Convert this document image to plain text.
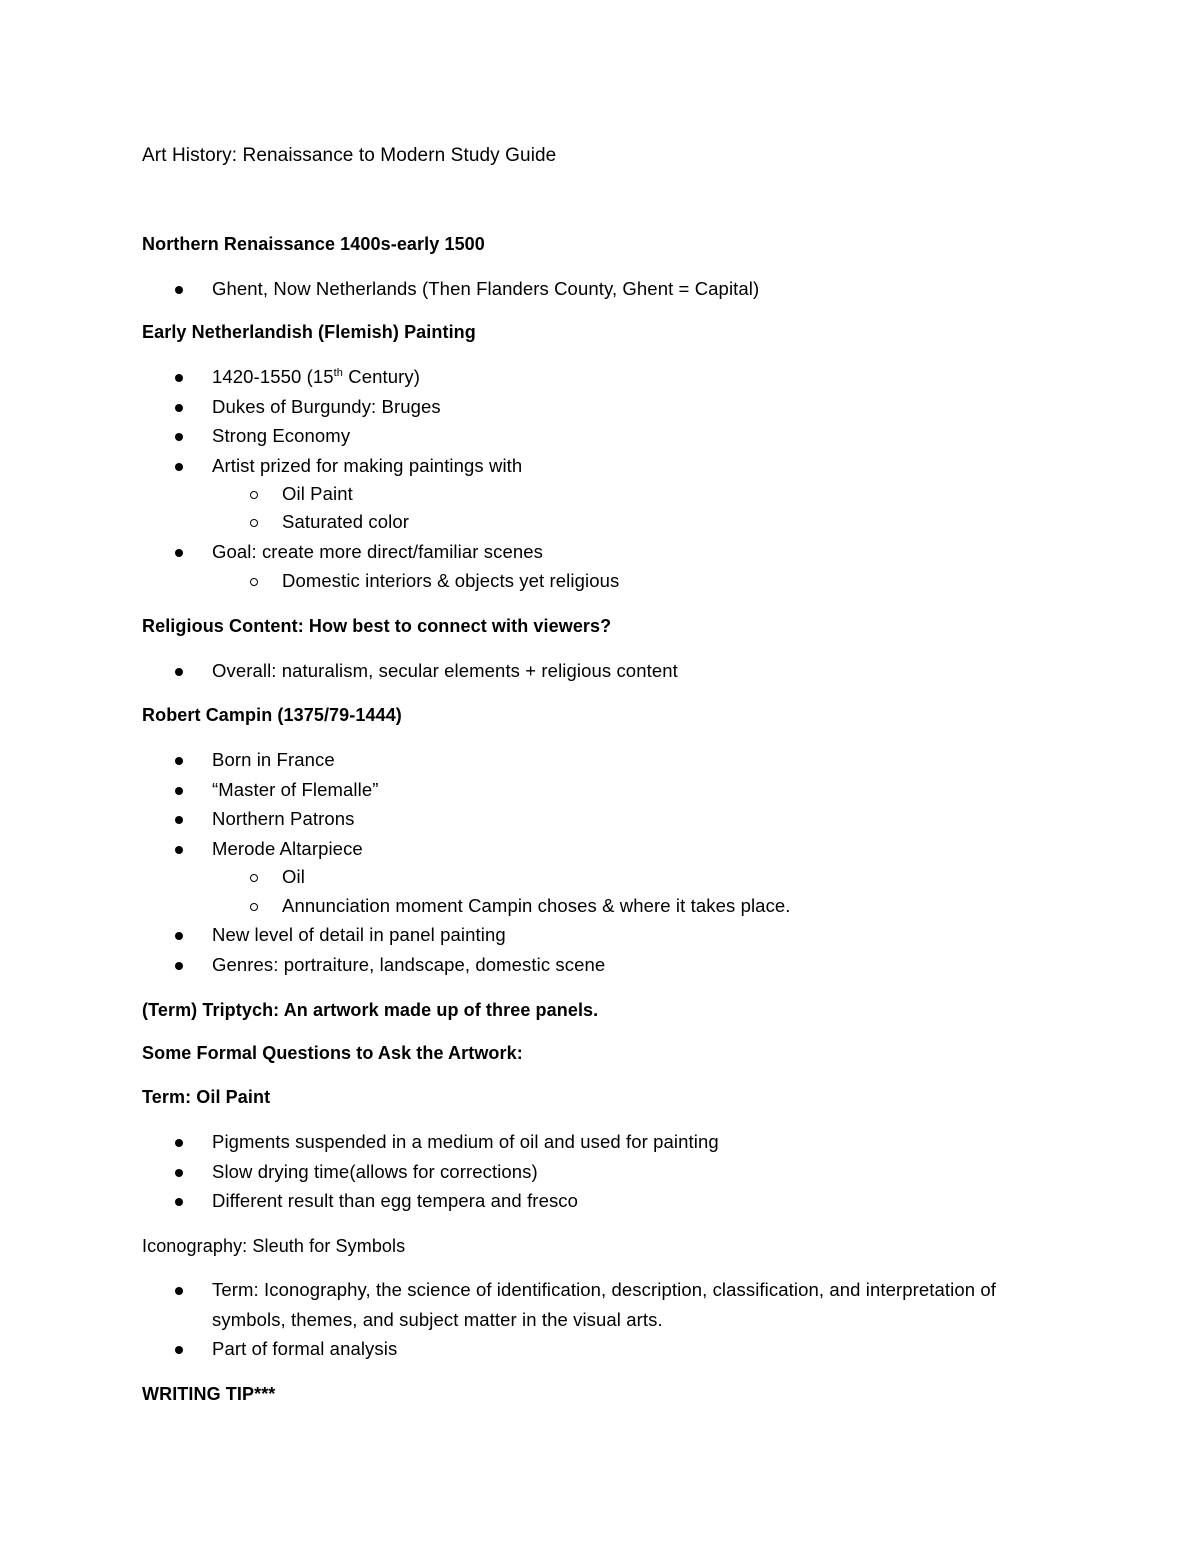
Art History: Renaissance to Modern Study Guide
Northern Renaissance 1400s-early 1500
Ghent, Now Netherlands (Then Flanders County, Ghent = Capital)
Early Netherlandish (Flemish) Painting
1420-1550 (15th Century)
Dukes of Burgundy: Bruges
Strong Economy
Artist prized for making paintings with
Oil Paint
Saturated color
Goal: create more direct/familiar scenes
Domestic interiors & objects yet religious
Religious Content: How best to connect with viewers?
Overall: naturalism, secular elements + religious content
Robert Campin (1375/79-1444)
Born in France
“Master of Flemalle”
Northern Patrons
Merode Altarpiece
Oil
Annunciation moment Campin choses & where it takes place.
New level of detail in panel painting
Genres: portraiture, landscape, domestic scene
(Term) Triptych: An artwork made up of three panels.
Some Formal Questions to Ask the Artwork:
Term: Oil Paint
Pigments suspended in a medium of oil and used for painting
Slow drying time(allows for corrections)
Different result than egg tempera and fresco
Iconography: Sleuth for Symbols
Term: Iconography, the science of identification, description, classification, and interpretation of
symbols, themes, and subject matter in the visual arts.
Part of formal analysis
WRITING TIP***
